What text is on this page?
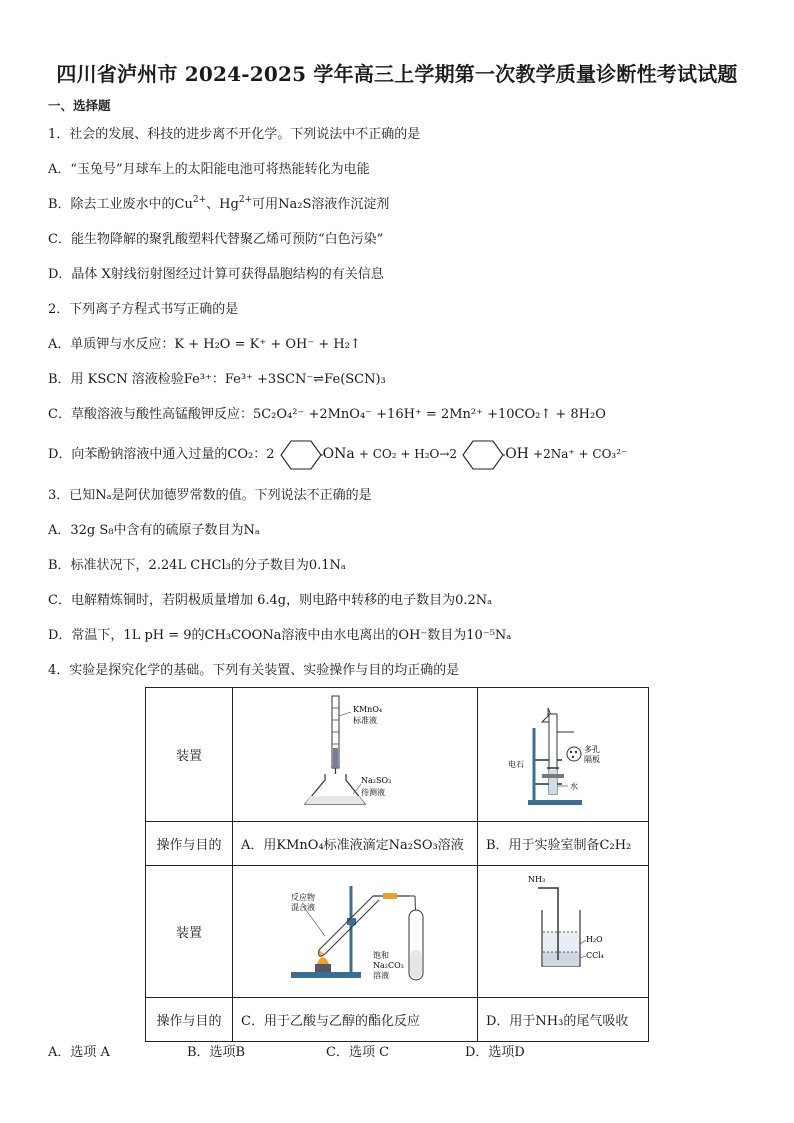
四川省泸州市 2024-2025 学年高三上学期第一次教学质量诊断性考试试题
一、选择题
1．社会的发展、科技的进步离不开化学。下列说法中不正确的是
A．“玉兔号”月球车上的太阳能电池可将热能转化为电能
B．除去工业废水中的$Cu^{2+}$、$Hg^{2+}$可用Na₂S溶液作沉淀剂
C．能生物降解的聚乳酸塑料代替聚乙烯可预防“白色污染”
D．晶体 X射线衍射图经过计算可获得晶胞结构的有关信息
2．下列离子方程式书写正确的是
A．单质钾与水反应：K + H₂O = K⁺ + OH⁻ + H₂↑
B．用 KSCN 溶液检验Fe³⁺：Fe³⁺ +3SCN⁻⇌Fe(SCN)₃
C．草酸溶液与酸性高锰酸钾反应：5C₂O₄²⁻ +2MnO₄⁻ +16H⁺ = 2Mn²⁺ +10CO₂↑ + 8H₂O
D．向苯酚钠溶液中通入过量的CO₂：2	ONa + CO₂ + H₂O→2	OH +2Na⁺ + CO₃²⁻
3．已知Nₐ是阿伏加德罗常数的值。下列说法不正确的是
A．32g S₈中含有的硫原子数目为Nₐ
B．标准状况下，2.24L CHCl₃的分子数目为0.1Nₐ
C．电解精炼铜时，若阴极质量增加 6.4g，则电路中转移的电子数目为0.2Nₐ
D．常温下，1L pH = 9的CH₃COONa溶液中由水电离出的OH⁻数目为10⁻⁵Nₐ
4．实验是探究化学的基础。下列有关装置、实验操作与目的均正确的是
装置	KMnO₄
标准液
Na₂SO₃
待测液	多孔
隔板
电石
水

操作与目的	A．用KMnO₄标准液滴定Na₂SO₃溶液	B．用于实验室制备C₂H₂
装置	反应物
混合液
饱和
Na₂CO₃
溶液	NH₃
H₂O
CCl₄

操作与目的	C．用于乙酸与乙醇的酯化反应	D．用于NH₃的尾气吸收
A．选项 A	B．选项B	C．选项 C	D．选项D
